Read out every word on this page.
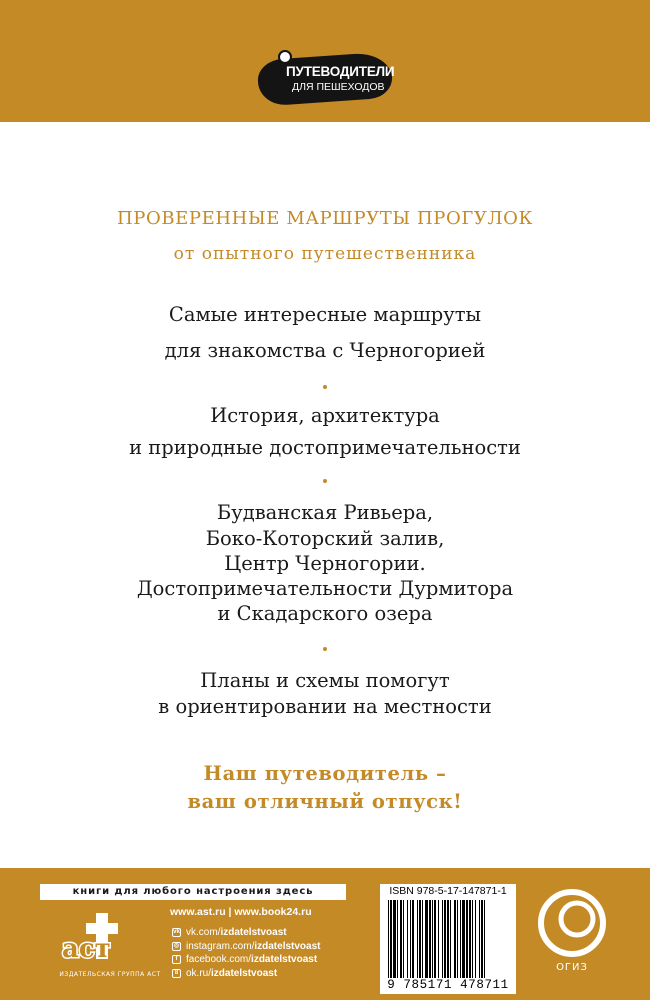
ПУТЕВОДИТЕЛИ
ДЛЯ ПЕШЕХОДОВ
ПРОВЕРЕННЫЕ МАРШРУТЫ ПРОГУЛОК
от опытного путешественника
Самые интересные маршруты
для знакомства с Черногорией
История, архитектура
и природные достопримечательности
Будванская Ривьера,
Боко-Которский залив,
Центр Черногории.
Достопримечательности Дурмитора
и Скадарского озера
Планы и схемы помогут
в ориентировании на местности
Наш путеводитель –
ваш отличный отпуск!
книги для любого настроения здесь
аст
ИЗДАТЕЛЬСКАЯ ГРУППА АСТ
www.ast.ru | www.book24.ru
vk vk.com/ izdatelstvoast
◎ instagram.com/ izdatelstvoast
f facebook.com/ izdatelstvoast
8 ok.ru/ izdatelstvoast
ISBN 978-5-17-147871-1
9 785171 478711
ОГИЗ
